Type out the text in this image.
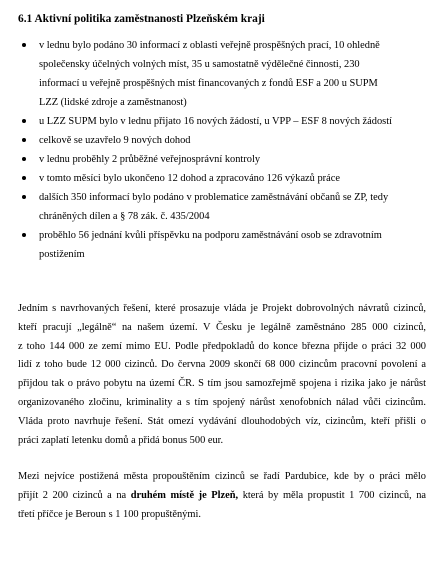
6.1 Aktivní politika zaměstnanosti Plzeňském kraji
v lednu bylo podáno 30 informací z oblasti veřejně prospěšných prací, 10 ohledně
společensky účelných volných míst, 35 u samostatně výdělečné činnosti, 230
informací u veřejně prospěšných míst financovaných z fondů ESF a 200 u SUPM
LZZ (lidské zdroje a zaměstnanost)
u LZZ SUPM bylo v lednu přijato 16 nových žádostí, u VPP – ESF 8 nových žádostí
celkově se uzavřelo 9 nových dohod
v lednu proběhly 2 průběžné veřejnosprávní kontroly
v tomto měsíci bylo ukončeno 12 dohod a zpracováno 126 výkazů práce
dalších 350 informací bylo podáno v problematice zaměstnávání občanů se ZP, tedy
chráněných dílen a § 78 zák. č. 435/2004
proběhlo 56 jednání kvůli příspěvku na podporu zaměstnávání osob se zdravotním
postižením
Jedním s navrhovaných řešení, které prosazuje vláda je Projekt dobrovolných návratů cizinců,
kteří pracují „legálně“ na našem území. V Česku je legálně zaměstnáno 285 000 cizinců,
z toho 144 000 ze zemí mimo EU. Podle předpokladů do konce března přijde o práci 32 000
lidí z toho bude 12 000 cizinců. Do června 2009 skončí 68 000 cizincům pracovní povolení a
přijdou tak o právo pobytu na území ČR. S tím jsou samozřejmě spojena i rizika jako je nárůst
organizovaného zločinu, kriminality a s tím spojený nárůst xenofobních nálad vůči cizincům.
Vláda proto navrhuje řešení. Stát omezí vydávání dlouhodobých víz, cizincům, kteří přišli o
práci zaplatí letenku domů a přidá bonus 500 eur.
Mezi nejvíce postižená města propouštěním cizinců se řadí Pardubice, kde by o práci mělo
přijít 2 200 cizinců a na druhém místě je Plzeň, která by měla propustit 1 700 cizinců, na
třetí příčce je Beroun s 1 100 propuštěnými.
